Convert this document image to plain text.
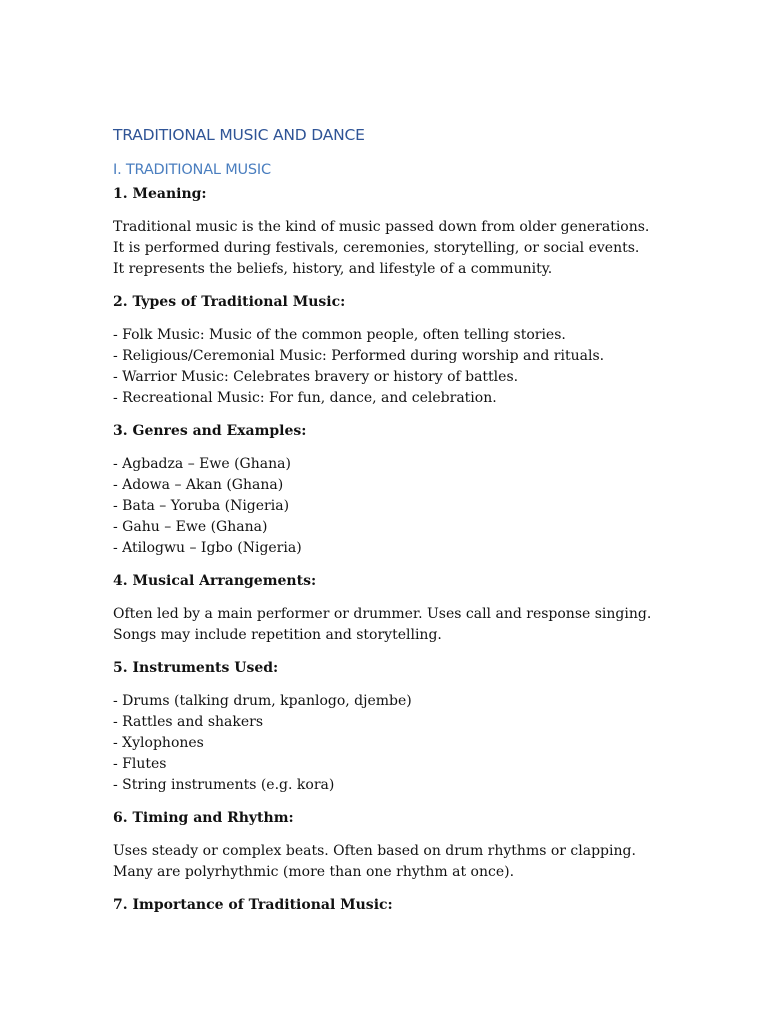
TRADITIONAL MUSIC AND DANCE
I. TRADITIONAL MUSIC
1. Meaning:
Traditional music is the kind of music passed down from older generations. It is performed during festivals, ceremonies, storytelling, or social events. It represents the beliefs, history, and lifestyle of a community.
2. Types of Traditional Music:
- Folk Music: Music of the common people, often telling stories.
- Religious/Ceremonial Music: Performed during worship and rituals.
- Warrior Music: Celebrates bravery or history of battles.
- Recreational Music: For fun, dance, and celebration.
3. Genres and Examples:
- Agbadza – Ewe (Ghana)
- Adowa – Akan (Ghana)
- Bata – Yoruba (Nigeria)
- Gahu – Ewe (Ghana)
- Atilogwu – Igbo (Nigeria)
4. Musical Arrangements:
Often led by a main performer or drummer. Uses call and response singing. Songs may include repetition and storytelling.
5. Instruments Used:
- Drums (talking drum, kpanlogo, djembe)
- Rattles and shakers
- Xylophones
- Flutes
- String instruments (e.g. kora)
6. Timing and Rhythm:
Uses steady or complex beats. Often based on drum rhythms or clapping. Many are polyrhythmic (more than one rhythm at once).
7. Importance of Traditional Music:
